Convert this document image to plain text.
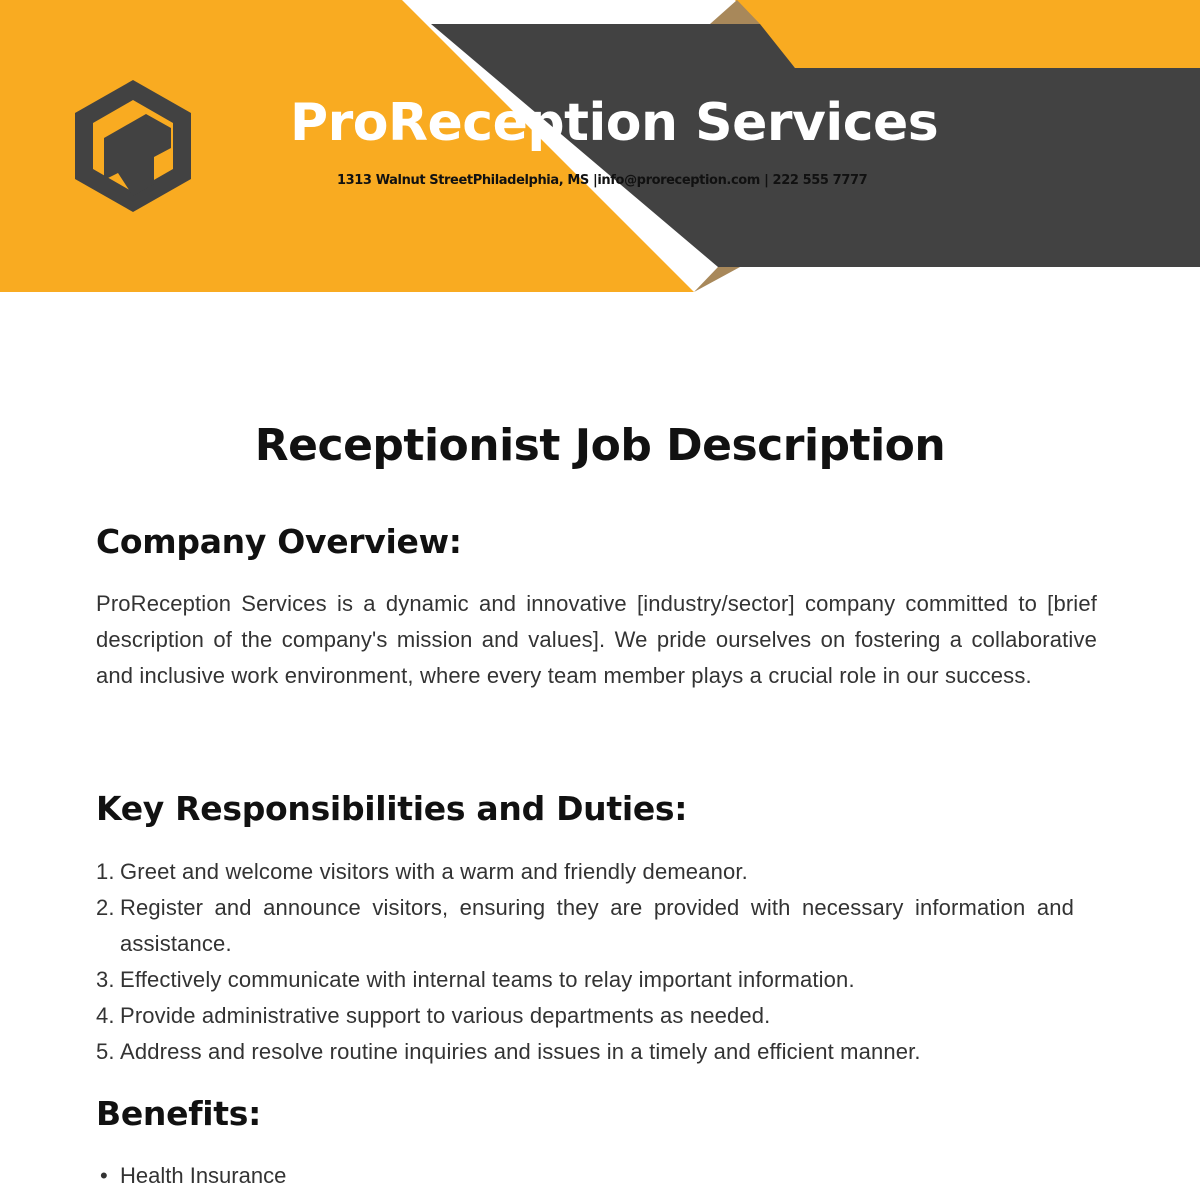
ProReception Services
1313 Walnut StreetPhiladelphia, MS |info@proreception.com | 222 555 7777
Receptionist Job Description
Company Overview:

ProReception Services is a dynamic and innovative [industry/sector] company committed to [brief description of the company's mission and values]. We pride ourselves on fostering a collaborative and inclusive work environment, where every team member plays a crucial role in our success.

Key Responsibilities and Duties:
1. Greet and welcome visitors with a warm and friendly demeanor.
2. Register and announce visitors, ensuring they are provided with necessary information and assistance.
3. Effectively communicate with internal teams to relay important information.
4. Provide administrative support to various departments as needed.
5. Address and resolve routine inquiries and issues in a timely and efficient manner.
Benefits:
• Health Insurance
